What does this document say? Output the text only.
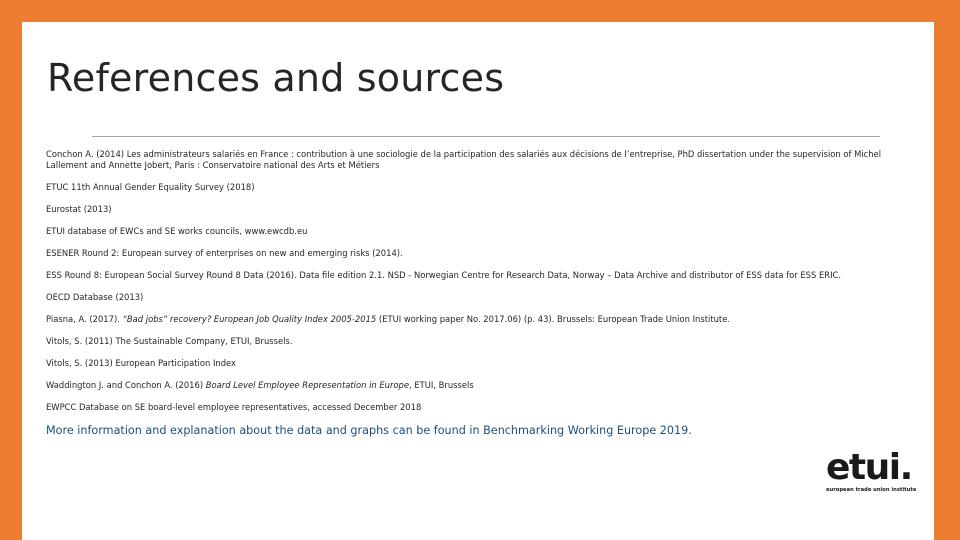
References and sources
Conchon A. (2014) Les administrateurs salariés en France : contribution à une sociologie de la participation des salariés aux décisions de l’entreprise, PhD dissertation under the supervision of Michel Lallement and Annette Jobert, Paris : Conservatoire national des Arts et Métiers
ETUC 11th Annual Gender Equality Survey (2018)
Eurostat (2013)
ETUI database of EWCs and SE works councils, www.ewcdb.eu
ESENER Round 2: European survey of enterprises on new and emerging risks (2014).
ESS Round 8: European Social Survey Round 8 Data (2016). Data file edition 2.1. NSD - Norwegian Centre for Research Data, Norway – Data Archive and distributor of ESS data for ESS ERIC.
OECD Database (2013)
Piasna, A. (2017). “Bad jobs” recovery? European Job Quality Index 2005-2015 (ETUI working paper No. 2017.06) (p. 43). Brussels: European Trade Union Institute.
Vitols, S. (2011) The Sustainable Company, ETUI, Brussels.
Vitols, S. (2013) European Participation Index
Waddington J. and Conchon A. (2016) Board Level Employee Representation in Europe, ETUI, Brussels
EWPCC Database on SE board-level employee representatives, accessed December 2018

More information and explanation about the data and graphs can be found in Benchmarking Working Europe 2019.

etui.
european trade union institute
